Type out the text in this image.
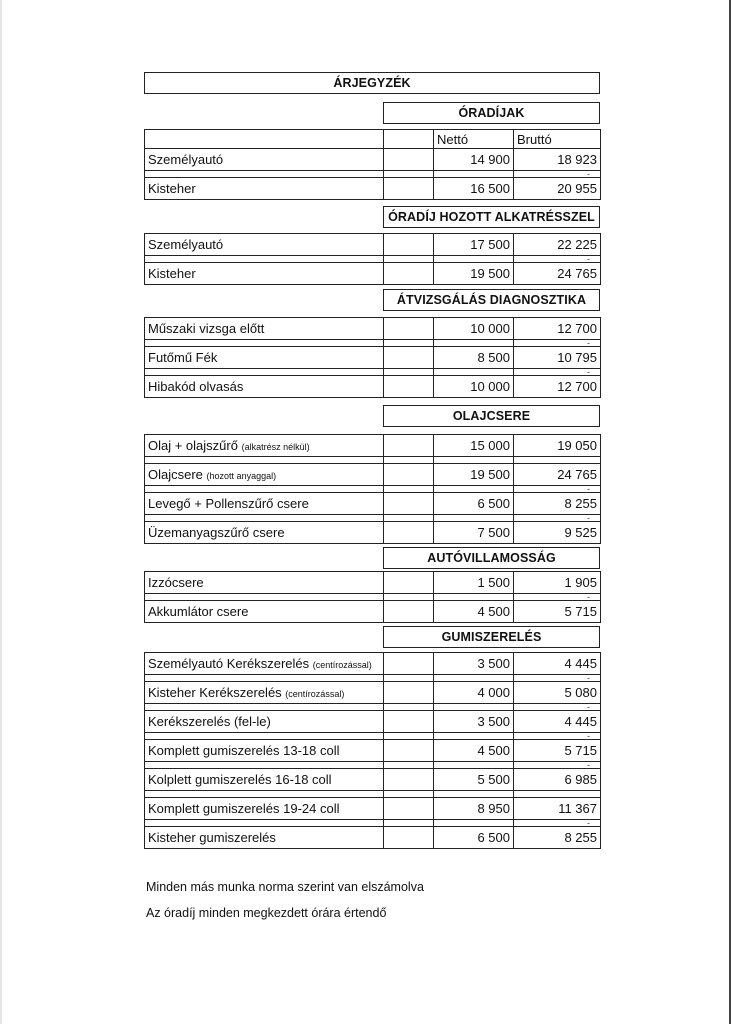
ÁRJEGYZÉK
ÓRADÍJAK
		Nettó	Bruttó
Személyautó		14 900	18 923
			-
Kisteher		16 500	20 955
ÓRADÍJ HOZOTT ALKATRÉSSZEL
Személyautó		17 500	22 225
			-
Kisteher		19 500	24 765
ÁTVIZSGÁLÁS DIAGNOSZTIKA
Műszaki vizsga előtt		10 000	12 700
			-
Futőmű Fék		8 500	10 795
			-
Hibakód olvasás		10 000	12 700
OLAJCSERE
Olaj + olajszűrő (alkatrész nélkül)		15 000	19 050

Olajcsere (hozott anyaggal)		19 500	24 765
			-
Levegő + Pollenszűrő csere		6 500	8 255
			-
Üzemanyagszűrő csere		7 500	9 525
AUTÓVILLAMOSSÁG
Izzócsere		1 500	1 905
			-
Akkumlátor csere		4 500	5 715
GUMISZERELÉS
Személyautó Kerékszerelés (centírozással)		3 500	4 445
			-
Kisteher Kerékszerelés (centírozással)		4 000	5 080
			-
Kerékszerelés (fel-le)		3 500	4 445
			-
Komplett gumiszerelés 13-18 coll		4 500	5 715
			-
Kolplett gumiszerelés 16-18 coll		5 500	6 985

Komplett gumiszerelés 19-24 coll		8 950	11 367
			-
Kisteher gumiszerelés		6 500	8 255
Minden más munka norma szerint van elszámolva
Az óradíj minden megkezdett órára értendő
